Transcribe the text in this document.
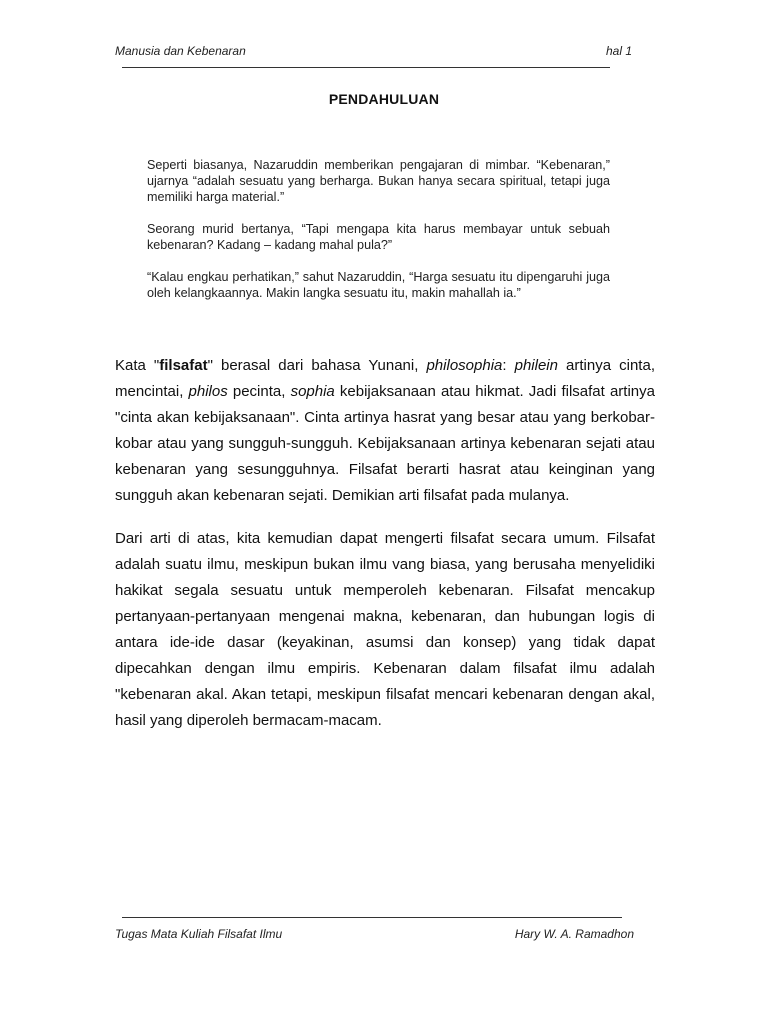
Manusia dan Kebenaran	hal 1
PENDAHULUAN

Seperti biasanya, Nazaruddin memberikan pengajaran di mimbar. “Kebenaran,” ujarnya “adalah sesuatu yang berharga. Bukan hanya secara spiritual, tetapi juga memiliki harga material.”

Seorang murid bertanya, “Tapi mengapa kita harus membayar untuk sebuah kebenaran? Kadang – kadang mahal pula?”

“Kalau engkau perhatikan,” sahut Nazaruddin, “Harga sesuatu itu dipengaruhi juga oleh kelangkaannya. Makin langka sesuatu itu, makin mahallah ia.”

Kata "filsafat" berasal dari bahasa Yunani, philosophia: philein artinya cinta, mencintai, philos pecinta, sophia kebijaksanaan atau hikmat. Jadi filsafat artinya "cinta akan kebijaksanaan". Cinta artinya hasrat yang besar atau yang berkobar-kobar atau yang sungguh-sungguh. Kebijaksanaan artinya kebenaran sejati atau kebenaran yang sesungguhnya. Filsafat berarti hasrat atau keinginan yang sungguh akan kebenaran sejati. Demikian arti filsafat pada mulanya.

Dari arti di atas, kita kemudian dapat mengerti filsafat secara umum. Filsafat adalah suatu ilmu, meskipun bukan ilmu vang biasa, yang berusaha menyelidiki hakikat segala sesuatu untuk memperoleh kebenaran. Filsafat mencakup pertanyaan-pertanyaan mengenai makna, kebenaran, dan hubungan logis di antara ide-ide dasar (keyakinan, asumsi dan konsep) yang tidak dapat dipecahkan dengan ilmu empiris. Kebenaran dalam filsafat ilmu adalah "kebenaran akal. Akan tetapi, meskipun filsafat mencari kebenaran dengan akal, hasil yang diperoleh bermacam-macam.

Tugas Mata Kuliah Filsafat Ilmu	Hary W. A. Ramadhon
